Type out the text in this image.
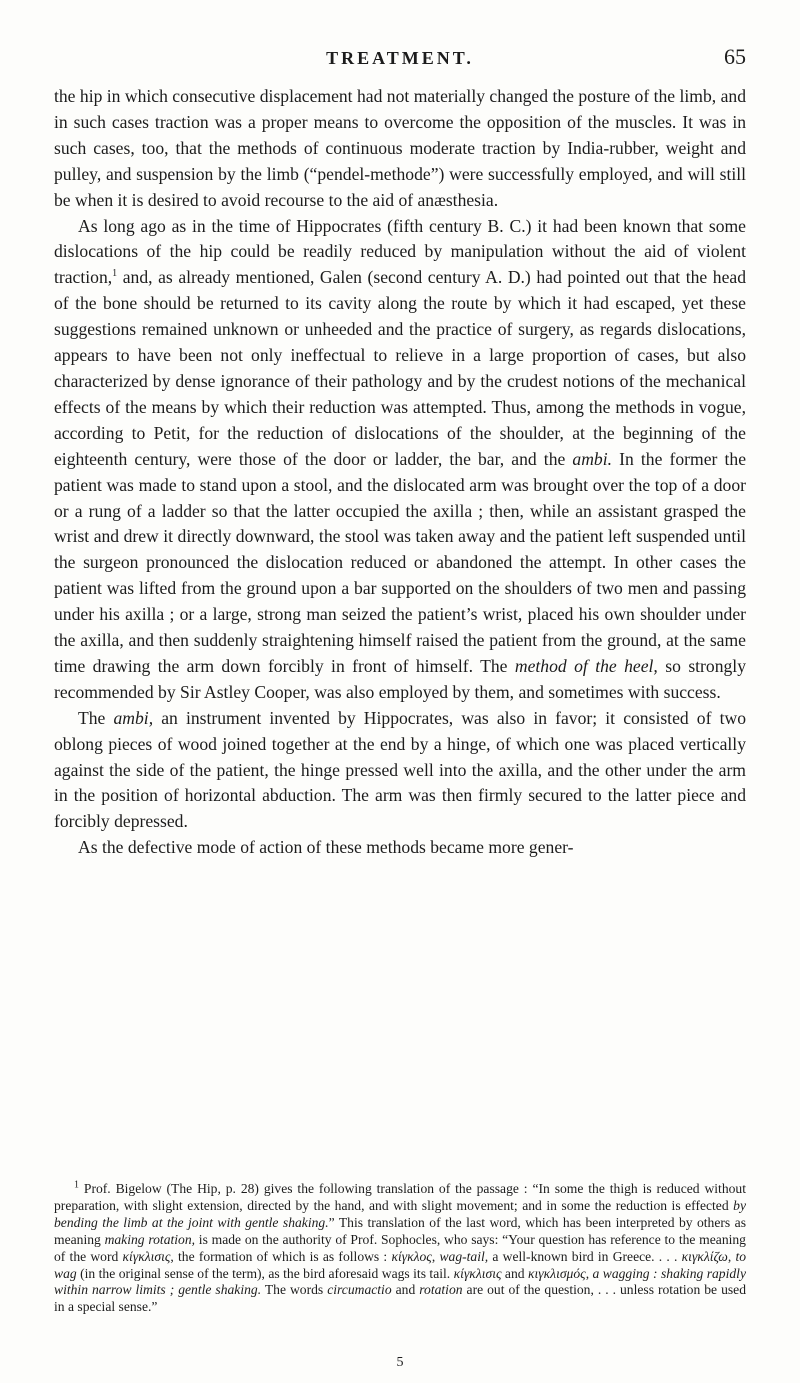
TREATMENT.	65

the hip in which consecutive displacement had not materially changed the posture of the limb, and in such cases traction was a proper means to overcome the opposition of the muscles. It was in such cases, too, that the methods of continuous moderate traction by India-rubber, weight and pulley, and suspension by the limb (“pendel-methode”) were successfully employed, and will still be when it is desired to avoid recourse to the aid of anæsthesia.

As long ago as in the time of Hippocrates (fifth century B. C.) it had been known that some dislocations of the hip could be readily reduced by manipulation without the aid of violent traction,$^1$ and, as already mentioned, Galen (second century A. D.) had pointed out that the head of the bone should be returned to its cavity along the route by which it had escaped, yet these suggestions remained unknown or unheeded and the practice of surgery, as regards dislocations, appears to have been not only ineffectual to relieve in a large proportion of cases, but also characterized by dense ignorance of their pathology and by the crudest notions of the mechanical effects of the means by which their reduction was attempted. Thus, among the methods in vogue, according to Petit, for the reduction of dislocations of the shoulder, at the beginning of the eighteenth century, were those of the door or ladder, the bar, and the ambi. In the former the patient was made to stand upon a stool, and the dislocated arm was brought over the top of a door or a rung of a ladder so that the latter occupied the axilla ; then, while an assistant grasped the wrist and drew it directly downward, the stool was taken away and the patient left suspended until the surgeon pronounced the dislocation reduced or abandoned the attempt. In other cases the patient was lifted from the ground upon a bar supported on the shoulders of two men and passing under his axilla ; or a large, strong man seized the patient’s wrist, placed his own shoulder under the axilla, and then suddenly straightening himself raised the patient from the ground, at the same time drawing the arm down forcibly in front of himself. The method of the heel, so strongly recommended by Sir Astley Cooper, was also employed by them, and sometimes with success.

The ambi, an instrument invented by Hippocrates, was also in favor; it consisted of two oblong pieces of wood joined together at the end by a hinge, of which one was placed vertically against the side of the patient, the hinge pressed well into the axilla, and the other under the arm in the position of horizontal abduction. The arm was then firmly secured to the latter piece and forcibly depressed.

As the defective mode of action of these methods became more gener-

$^1$ Prof. Bigelow (The Hip, p. 28) gives the following translation of the passage : “In some the thigh is reduced without preparation, with slight extension, directed by the hand, and with slight movement; and in some the reduction is effected by bending the limb at the joint with gentle shaking.” This translation of the last word, which has been interpreted by others as meaning making rotation, is made on the authority of Prof. Sophocles, who says: “Your question has reference to the meaning of the word κίγκλισις, the formation of which is as follows : κίγκλος, wag-tail, a well-known bird in Greece. . . . κιγκλίζω, to wag (in the original sense of the term), as the bird aforesaid wags its tail. κίγκλισις and κιγκλισμός, a wagging : shaking rapidly within narrow limits ; gentle shaking. The words circumactio and rotation are out of the question, . . . unless rotation be used in a special sense.”

5
